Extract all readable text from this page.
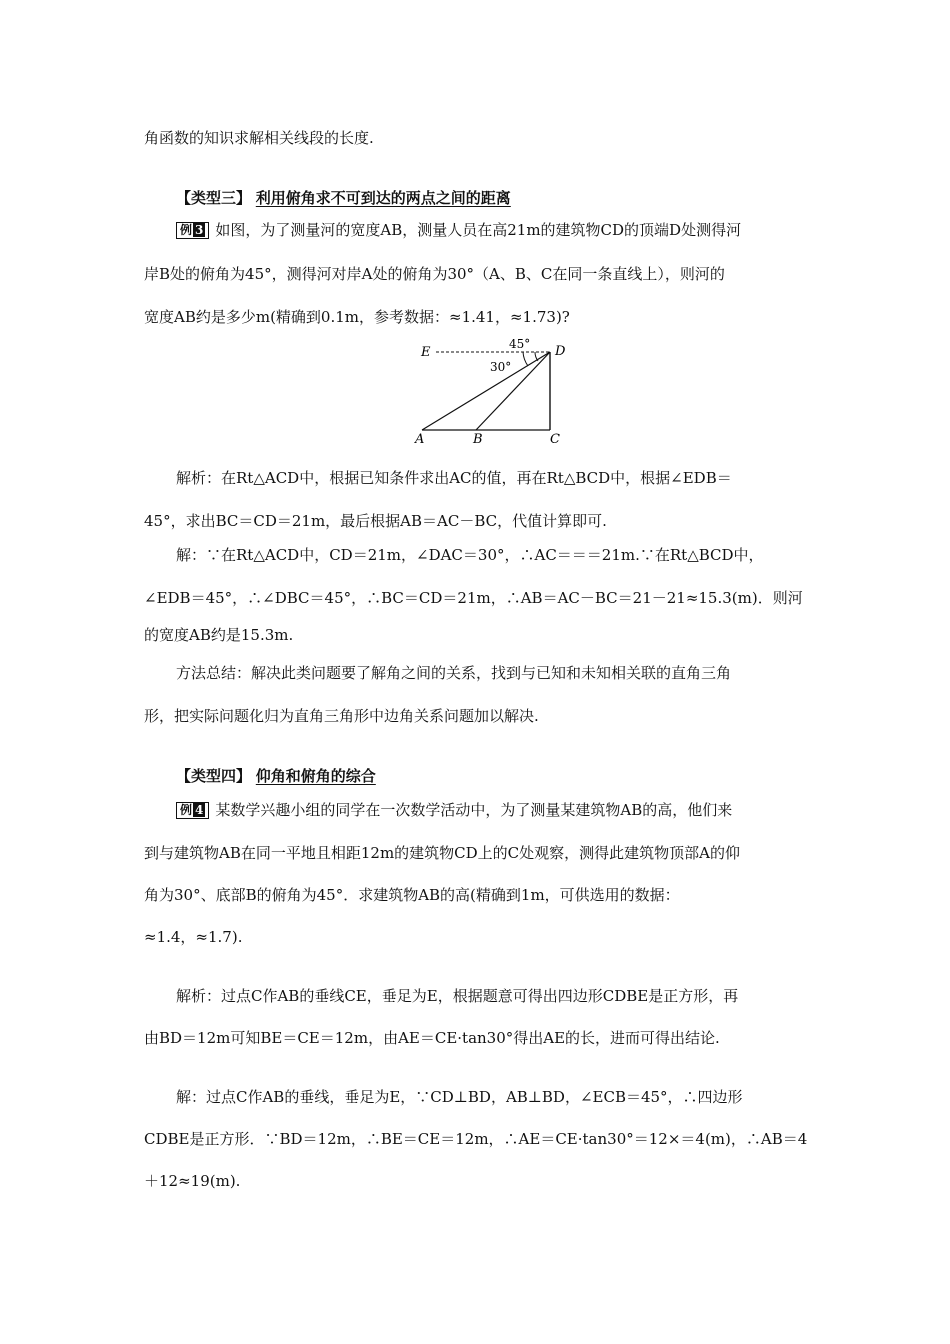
角函数的知识求解相关线段的长度.
【类型三】 利用俯角求不可到达的两点之间的距离
例 3 如图，为了测量河的宽度AB，测量人员在高21m的建筑物CD的顶端D处测得河
岸B处的俯角为45°，测得河对岸A处的俯角为30°（A、B、C在同一条直线上），则河的
宽度AB约是多少m(精确到0.1m，参考数据：≈1.41，≈1.73)?
E	D
A	B	C
45°
30°
解析：在Rt△ACD中，根据已知条件求出AC的值，再在Rt△BCD中，根据∠EDB＝
45°，求出BC＝CD＝21m，最后根据AB＝AC－BC，代值计算即可.
解：∵在Rt△ACD中，CD＝21m，∠DAC＝30°，∴AC＝＝＝21m.∵在Rt△BCD中，
∠EDB＝45°，∴∠DBC＝45°，∴BC＝CD＝21m，∴AB＝AC－BC＝21－21≈15.3(m)．则河
的宽度AB约是15.3m.
方法总结：解决此类问题要了解角之间的关系，找到与已知和未知相关联的直角三角
形，把实际问题化归为直角三角形中边角关系问题加以解决.
【类型四】 仰角和俯角的综合
例 4 某数学兴趣小组的同学在一次数学活动中，为了测量某建筑物AB的高，他们来
到与建筑物AB在同一平地且相距12m的建筑物CD上的C处观察，测得此建筑物顶部A的仰
角为30°、底部B的俯角为45°．求建筑物AB的高(精确到1m，可供选用的数据：
≈1.4，≈1.7).
解析：过点C作AB的垂线CE，垂足为E，根据题意可得出四边形CDBE是正方形，再
由BD＝12m可知BE＝CE＝12m，由AE＝CE·tan30°得出AE的长，进而可得出结论.
解：过点C作AB的垂线，垂足为E，∵CD⊥BD，AB⊥BD，∠ECB＝45°，∴四边形
CDBE是正方形．∵BD＝12m，∴BE＝CE＝12m，∴AE＝CE·tan30°＝12×＝4(m)，∴AB＝4
＋12≈19(m).
